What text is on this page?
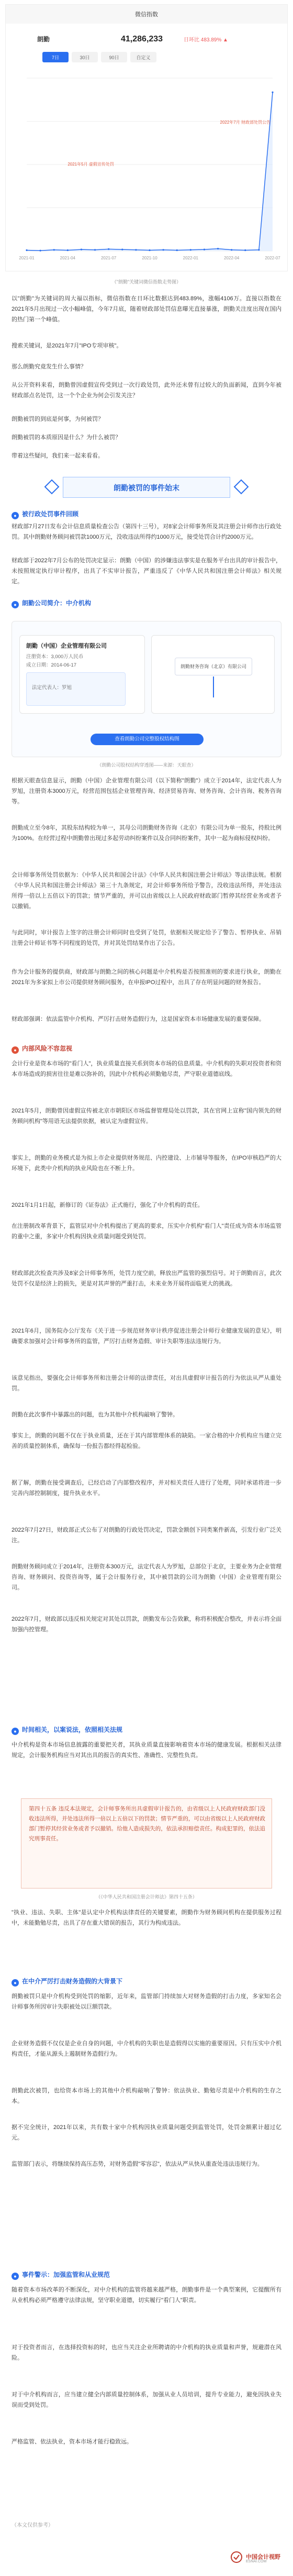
微信指数
朗勤	41,286,233	日环比 483.89% ▲
7日	30日	90日	自定义
2021-01	2021-04	2021-07	2021-10	2022-01	2022-04	2022-07
2021年5月 虚假宣传处罚
2022年7月 财政部处罚公告
（"朗勤"关键词微信指数走势图）
以"朗勤"为关键词的周大福以指标，微信指数在日环比数据达到483.89%，涨幅4106万。直接以指数在2021年5月出现过一次小幅峰值，今年7月底，随着财政部处罚信息曝光直接暴涨，朗勤关注度出现在国内的热门第一个峰值。
搜索关键词，是2021年7月"IPO专项审核"。
那么朗勤究竟发生什么事情？
从公开资料来看，朗勤曾因虚假宣传受到过一次行政处罚，此外还未曾有过较大的负面新闻，直到今年被财政部点名处罚，这一个个企业为何会引发关注？
朗勤被罚的到底是何事，为何被罚？
朗勤被罚的本质原因是什么？为什么被罚？
带着这些疑问，我们来一起来看看。
朗勤被罚的事件始末
● 被行政处罚事件回顾
财政部7月27日发布会计信息质量检查公告（第四十三号），对8家会计师事务所及其注册会计师作出行政处罚。其中朗勤财务顾问被罚款1000万元，没收违法所得约1000万元，接受处罚合计约2000万元。
财政部于2022年7月公布的处罚决定显示：朗勤（中国）的涉嫌违法事实是在服务平台出具的审计报告中，未按照规定执行审计程序，出具了不实审计报告，严重违反了《中华人民共和国注册会计师法》相关规定。
● 朗勤公司简介：中介机构
朗勤（中国）企业管理有限公司
注册资本：3,000万人民币
成立日期：2014-06-17
法定代表人：罗旭
朗勤财务咨询（北京）有限公司
查看朗勤公司完整股权结构图
（朗勤公司股权结构穿透图——来源：天眼查）
根据天眼查信息显示，朗勤（中国）企业管理有限公司（以下简称"朗勤"）成立于2014年，法定代表人为罗旭，注册资本3000万元，经营范围包括企业管理咨询、经济贸易咨询、财务咨询、会计咨询、税务咨询等。
朗勤成立至今8年，其股东结构较为单一，其母公司朗勤财务咨询（北京）有限公司为单一股东，持股比例为100%。在经营过程中朗勤曾出现过多起劳动纠纷案件以及合同纠纷案件，其中一起为商标侵权纠纷。
会计师事务所处罚依据为：《中华人民共和国会计法》《中华人民共和国注册会计师法》等法律法规。根据《中华人民共和国注册会计师法》第三十九条规定，对会计师事务所给予警告，没收违法所得，并处违法所得一倍以上五倍以下的罚款；情节严重的，并可以由省级以上人民政府财政部门暂停其经营业务或者予以撤销。
与此同时，审计报告上签字的注册会计师同时也受到了处罚，依据相关规定给予了警告、暂停执业、吊销注册会计师证书等不同程度的处罚，并对其处罚结果作出了公告。
作为会计服务的提供商，财政部与朗勤之间的核心问题是中介机构是否按照准则的要求进行执业，朗勤在2021年为多家拟上市公司提供财务顾问服务，在申报IPO过程中，出具了存在明显问题的财务报告。
财政部强调：依法监管中介机构、严厉打击财务造假行为，这是国家资本市场健康发展的重要保障。
● 内部风险不容忽视
会计行业是资本市场的"看门人"，执业质量直接关系到资本市场的信息质量。中介机构的失职对投资者和资本市场造成的损害往往是难以弥补的，因此中介机构必须勤勉尽责，严守职业道德底线。
2021年5月，朗勤曾因虚假宣传被北京市朝阳区市场监督管理局处以罚款，其在官网上宣称"国内领先的财务顾问机构"等用语无法提供依据，被认定为虚假宣传。
事实上，朗勤的业务模式是为拟上市企业提供财务规范、内控建设、上市辅导等服务，在IPO审核趋严的大环境下，此类中介机构的执业风险也在不断上升。
2021年1月1日起，新修订的《证券法》正式施行，强化了中介机构的责任。
在注册制改革背景下，监管层对中介机构提出了更高的要求，压实中介机构"看门人"责任成为资本市场监管的重中之重，多家中介机构因执业质量问题受到处罚。
财政部此次检查共涉及8家会计师事务所，处罚力度空前，释放出严监管的强烈信号。对于朗勤而言，此次处罚不仅是经济上的损失，更是对其声誉的严重打击，未来业务开展将面临更大的挑战。
2021年6月，国务院办公厅发布《关于进一步规范财务审计秩序促进注册会计师行业健康发展的意见》，明确要求加强对会计师事务所的监管，严厉打击财务造假、审计失职等违法违规行为。
该意见指出，要强化会计师事务所和注册会计师的法律责任，对出具虚假审计报告的行为依法从严从重处罚。
朗勤在此次事件中暴露出的问题，也为其他中介机构敲响了警钟。
事实上，朗勤的问题不仅在于执业质量，还在于其内部管理体系的缺陷。一家合格的中介机构应当建立完善的质量控制体系，确保每一份报告都经得起检验。
据了解，朗勤在接受调查后，已经启动了内部整改程序，并对相关责任人进行了处理，同时承诺将进一步完善内部控制制度，提升执业水平。
2022年7月27日，财政部正式公布了对朗勤的行政处罚决定，罚款金额创下同类案件新高，引发行业广泛关注。
朗勤财务顾问成立于2014年，注册资本300万元，法定代表人为罗旭，总部位于北京，主要业务为企业管理咨询、财务顾问、投资咨询等，属于会计服务行业，其中被罚款的公司为朗勤（中国）企业管理有限公司。
2022年7月，财政部以违反相关规定对其处以罚款，朗勤发布公告致歉，称将积极配合整改，并表示将全面加强内控管理。
● 时间相关，以案说法，依照相关法规
中介机构是资本市场信息披露的重要把关者，其执业质量直接影响着资本市场的健康发展。根据相关法律规定，会计服务机构应当对其出具的报告的真实性、准确性、完整性负责。
第四十五条 违反本法规定，会计师事务所出具虚假审计报告的，由省级以上人民政府财政部门没收违法所得，并处违法所得一倍以上五倍以下的罚款；情节严重的，可以由省级以上人民政府财政部门暂停其经营业务或者予以撤销。给他人造成损失的，依法承担赔偿责任。构成犯罪的，依法追究刑事责任。
（《中华人民共和国注册会计师法》第四十五条）
"执业、违法、失职、主体"是认定中介机构法律责任的关键要素，朗勤作为财务顾问机构在提供服务过程中，未能勤勉尽责，出具了存在重大错误的报告，其行为构成违法。
● 在中介严厉打击财务造假的大背景下
朗勤被罚只是中介机构受到处罚的缩影，近年来，监管部门持续加大对财务造假的打击力度，多家知名会计师事务所因审计失职被处以巨额罚款。
企业财务造假不仅仅是企业自身的问题，中介机构的失职也是造假得以实施的重要原因。只有压实中介机构责任，才能从源头上遏制财务造假行为。
朗勤此次被罚，也给资本市场上的其他中介机构敲响了警钟：依法执业、勤勉尽责是中介机构的生存之本。
据不完全统计，2021年以来，共有数十家中介机构因执业质量问题受到监管处罚，处罚金额累计超过亿元。
监管部门表示，将继续保持高压态势，对财务造假"零容忍"，依法从严从快从重查处违法违规行为。
● 事件警示：加强监管和从业规范
随着资本市场改革的不断深化，对中介机构的监管将越来越严格，朗勤事件是一个典型案例，它提醒所有从业机构必须严格遵守法律法规，坚守职业道德，切实履行"看门人"职责。
对于投资者而言，在选择投资标的时，也应当关注企业所聘请的中介机构的执业质量和声誉，规避潜在风险。
对于中介机构而言，应当建立健全内部质量控制体系，加强从业人员培训，提升专业能力，避免因执业失误而受到处罚。
严格监管、依法执业，资本市场才能行稳致远。
（本文仅供参考）
中国会计视野
ESNAI.COM
